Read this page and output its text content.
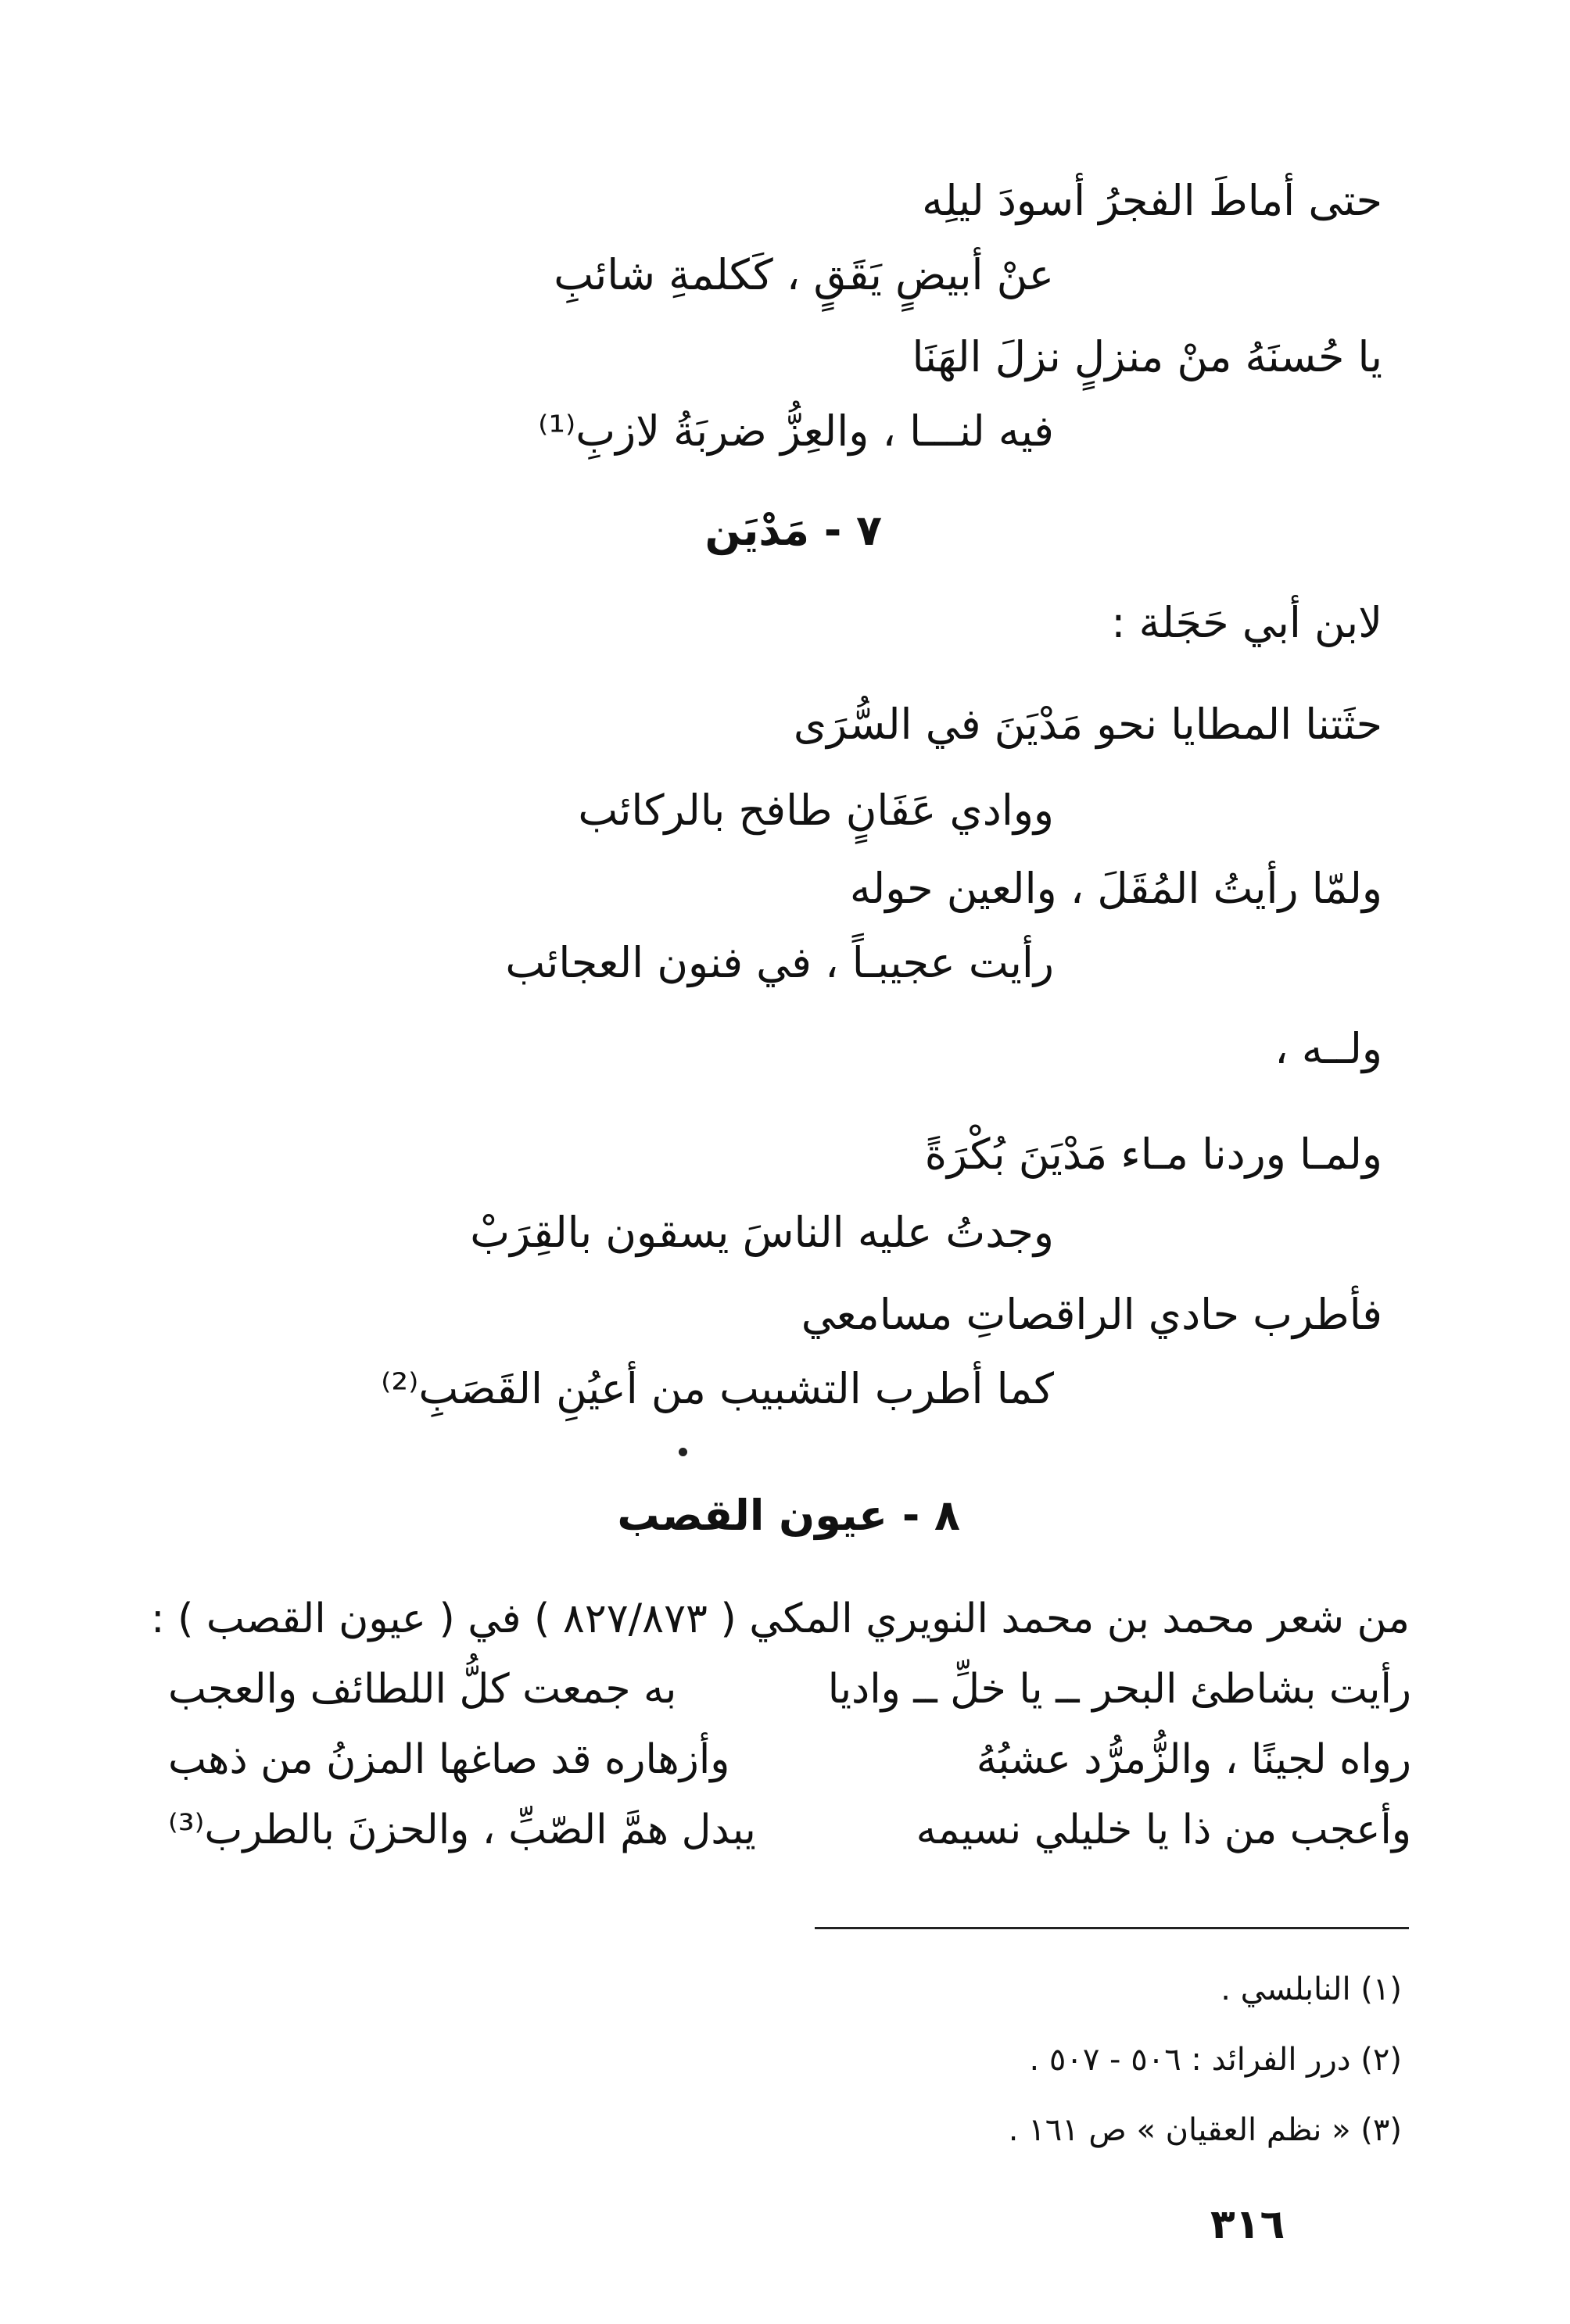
حتى أماطَ الفجرُ أسودَ ليلِه
عنْ أبيضٍ يَقَقٍ ، كَكلمةِ شائبِ
يا حُسنَهُ منْ منزلٍ نزلَ الهَنَا
فيه لنـــا ، والعِزُّ ضربَةُ لازبِ⁽¹⁾
٧ - مَدْيَن
لابن أبي حَجَلة :
حثَتنا المطايا نحو مَدْيَنَ في السُّرَى
ووادي عَفَانٍ طافح بالركائب
ولمّا رأيتُ المُقَلَ ، والعين حوله
رأيت عجيبـاً ، في فنون العجائب
ولــه ،
ولمـا وردنا مـاء مَدْيَنَ بُكْرَةً
وجدتُ عليه الناسَ يسقون بالقِرَبْ
فأطرب حادي الراقصاتِ مسامعي
كما أطرب التشبيب من أعيُنِ القَصَبِ⁽²⁾
٨ - عيون القصب
من شعر محمد بن محمد النويري المكي ( ٨٢٧/٨٧٣ ) في ( عيون القصب ) :
رأيت بشاطئ البحر ــ يا خلِّ ــ واديا
به جمعت كلُّ اللطائف والعجب
رواه لجينًا ، والزُّمرُّد عشبُهُ
وأزهاره قد صاغها المزنُ من ذهب
وأعجب من ذا يا خليلي نسيمه
يبدل همَّ الصّبِّ ، والحزنَ بالطرب⁽³⁾
(١) النابلسي .
(٢) درر الفرائد : ٥٠٦ - ٥٠٧ .
(٣) « نظم العقيان » ص ١٦١ .
٣١٦
